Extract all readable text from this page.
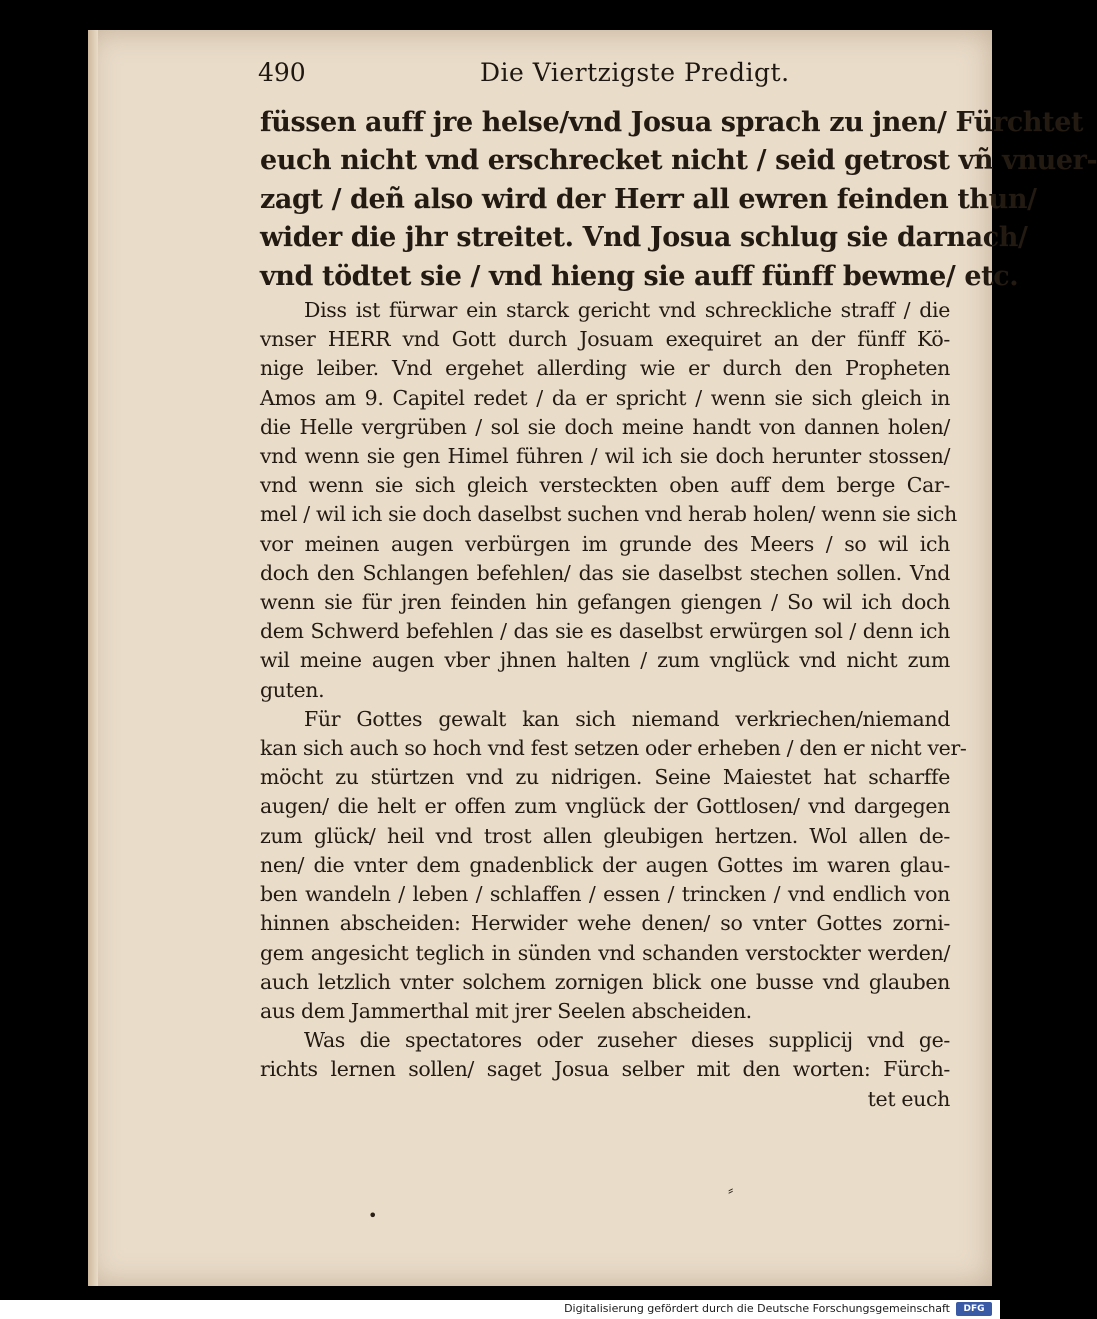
490	Die Viertzigste Predigt.
füssen auff jre helse/vnd Josua sprach zu jnen/ Fürchtet
euch nicht vnd erschrecket nicht / seid getrost vñ vnuer-
zagt / deñ also wird der Herr all ewren feinden thun/
wider die jhr streitet. Vnd Josua schlug sie darnach/
vnd tödtet sie / vnd hieng sie auff fünff bewme/ etc.
Diss ist fürwar ein starck gericht vnd schreckliche straff / die
vnser HERR vnd Gott durch Josuam exequiret an der fünff Kö-
nige leiber. Vnd ergehet allerding wie er durch den Propheten
Amos am 9. Capitel redet / da er spricht / wenn sie sich gleich in
die Helle vergrüben / sol sie doch meine handt von dannen holen/
vnd wenn sie gen Himel führen / wil ich sie doch herunter stossen/
vnd wenn sie sich gleich versteckten oben auff dem berge Car-
mel / wil ich sie doch daselbst suchen vnd herab holen/ wenn sie sich
vor meinen augen verbürgen im grunde des Meers / so wil ich
doch den Schlangen befehlen/ das sie daselbst stechen sollen. Vnd
wenn sie für jren feinden hin gefangen giengen / So wil ich doch
dem Schwerd befehlen / das sie es daselbst erwürgen sol / denn ich
wil meine augen vber jhnen halten / zum vnglück vnd nicht zum
guten.
Für Gottes gewalt kan sich niemand verkriechen/niemand
kan sich auch so hoch vnd fest setzen oder erheben / den er nicht ver-
möcht zu stürtzen vnd zu nidrigen. Seine Maiestet hat scharffe
augen/ die helt er offen zum vnglück der Gottlosen/ vnd dargegen
zum glück/ heil vnd trost allen gleubigen hertzen. Wol allen de-
nen/ die vnter dem gnadenblick der augen Gottes im waren glau-
ben wandeln / leben / schlaffen / essen / trincken / vnd endlich von
hinnen abscheiden: Herwider wehe denen/ so vnter Gottes zorni-
gem angesicht teglich in sünden vnd schanden verstockter werden/
auch letzlich vnter solchem zornigen blick one busse vnd glauben
aus dem Jammerthal mit jrer Seelen abscheiden.
Was die spectatores oder zuseher dieses suppliciј vnd ge-
richts lernen sollen/ saget Josua selber mit den worten: Fürch-
tet euch
⸗
•
Digitalisierung gefördert durch die Deutsche Forschungsgemeinschaft	DFG
